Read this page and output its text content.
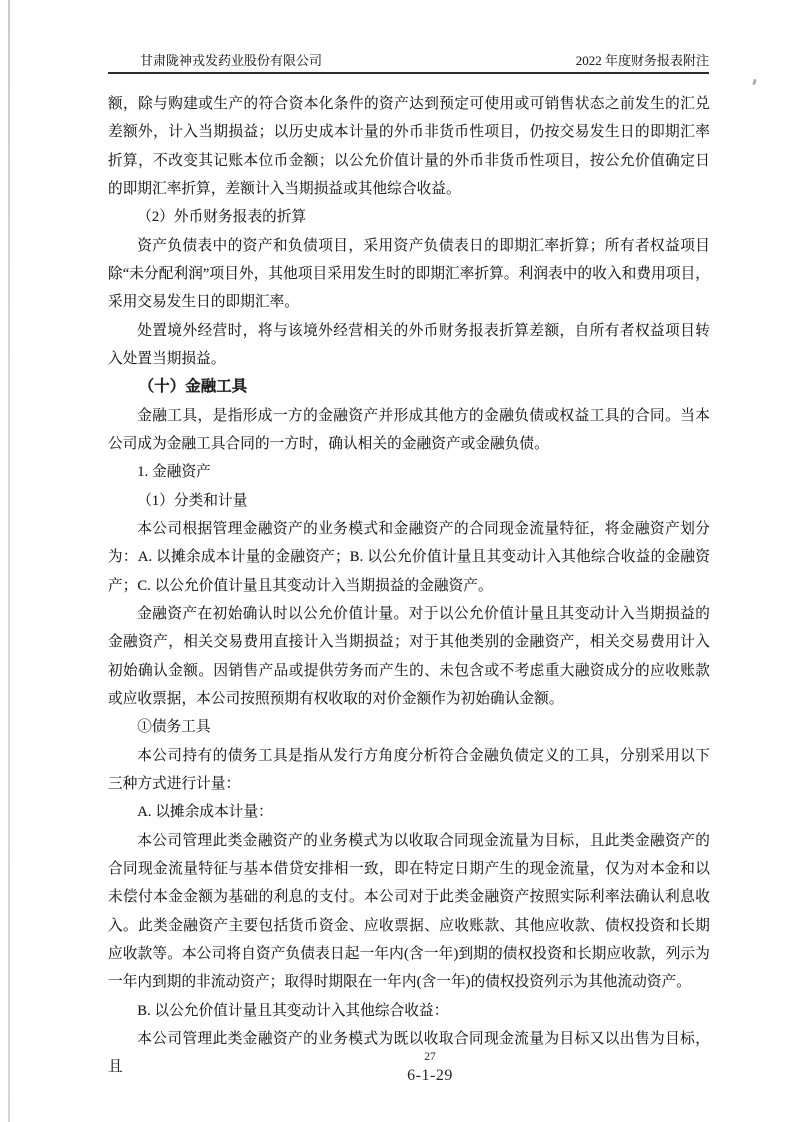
甘肃陇神戎发药业股份有限公司	2022 年度财务报表附注

额，除与购建或生产的符合资本化条件的资产达到预定可使用或可销售状态之前发生的汇兑差额外，计入当期损益；以历史成本计量的外币非货币性项目，仍按交易发生日的即期汇率折算，不改变其记账本位币金额；以公允价值计量的外币非货币性项目，按公允价值确定日的即期汇率折算，差额计入当期损益或其他综合收益。

（2）外币财务报表的折算

资产负债表中的资产和负债项目，采用资产负债表日的即期汇率折算；所有者权益项目除“未分配利润”项目外，其他项目采用发生时的即期汇率折算。利润表中的收入和费用项目，采用交易发生日的即期汇率。

处置境外经营时，将与该境外经营相关的外币财务报表折算差额，自所有者权益项目转入处置当期损益。

（十）金融工具

金融工具，是指形成一方的金融资产并形成其他方的金融负债或权益工具的合同。当本公司成为金融工具合同的一方时，确认相关的金融资产或金融负债。

1. 金融资产

（1）分类和计量

本公司根据管理金融资产的业务模式和金融资产的合同现金流量特征，将金融资产划分为：A. 以摊余成本计量的金融资产；B. 以公允价值计量且其变动计入其他综合收益的金融资产；C. 以公允价值计量且其变动计入当期损益的金融资产。

金融资产在初始确认时以公允价值计量。对于以公允价值计量且其变动计入当期损益的金融资产，相关交易费用直接计入当期损益；对于其他类别的金融资产，相关交易费用计入初始确认金额。因销售产品或提供劳务而产生的、未包含或不考虑重大融资成分的应收账款或应收票据，本公司按照预期有权收取的对价金额作为初始确认金额。

①债务工具

本公司持有的债务工具是指从发行方角度分析符合金融负债定义的工具，分别采用以下三种方式进行计量：

A. 以摊余成本计量：

本公司管理此类金融资产的业务模式为以收取合同现金流量为目标，且此类金融资产的合同现金流量特征与基本借贷安排相一致，即在特定日期产生的现金流量，仅为对本金和以未偿付本金金额为基础的利息的支付。本公司对于此类金融资产按照实际利率法确认利息收入。此类金融资产主要包括货币资金、应收票据、应收账款、其他应收款、债权投资和长期应收款等。本公司将自资产负债表日起一年内(含一年)到期的债权投资和长期应收款，列示为一年内到期的非流动资产；取得时期限在一年内(含一年)的债权投资列示为其他流动资产。

B. 以公允价值计量且其变动计入其他综合收益：

本公司管理此类金融资产的业务模式为既以收取合同现金流量为目标又以出售为目标，且

27
6-1-29
